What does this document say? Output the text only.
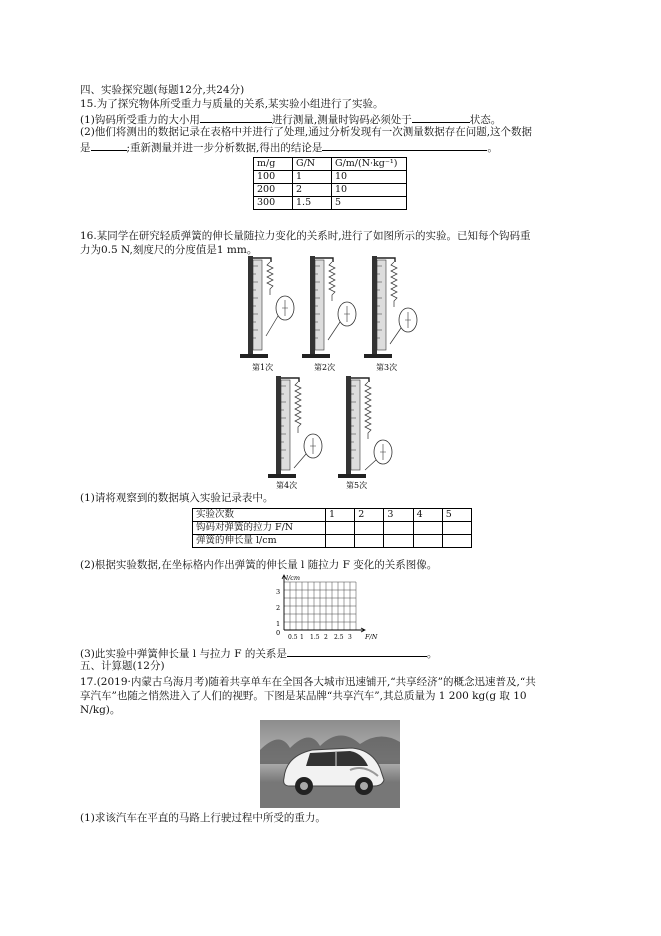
四、实验探究题(每题12分,共24分)
15.为了探究物体所受重力与质量的关系,某实验小组进行了实验。
(1)钩码所受重力的大小用	进行测量,测量时钩码必须处于	状态。
(2)他们将测出的数据记录在表格中并进行了处理,通过分析发现有一次测量数据存在问题,这个数据
是	;重新测量并进一步分析数据,得出的结论是	。
m/g	G/N	G/m/(N·kg⁻¹)
100	1	10
200	2	10
300	1.5	5
16.某同学在研究轻质弹簧的伸长量随拉力变化的关系时,进行了如图所示的实验。已知每个钩码重
力为0.5 N,刻度尺的分度值是1 mm。
第1次	第2次	第3次
第4次	第5次
(1)请将观察到的数据填入实验记录表中。
实验次数	1	2	3	4	5
钩码对弹簧的拉力 F/N					
弹簧的伸长量 l/cm					
(2)根据实验数据,在坐标格内作出弹簧的伸长量 l 随拉力 F 变化的关系图像。
l/cm
F/N
3
2
1
0
0.5 1 1.5 2 2.5 3
(3)此实验中弹簧伸长量 l 与拉力 F 的关系是	。
五、计算题(12分)
17.(2019·内蒙古乌海月考)随着共享单车在全国各大城市迅速铺开,“共享经济”的概念迅速普及,“共
享汽车”也随之悄然进入了人们的视野。下图是某品牌“共享汽车”,其总质量为 1 200 kg(g 取 10
N/kg)。
(1)求该汽车在平直的马路上行驶过程中所受的重力。
